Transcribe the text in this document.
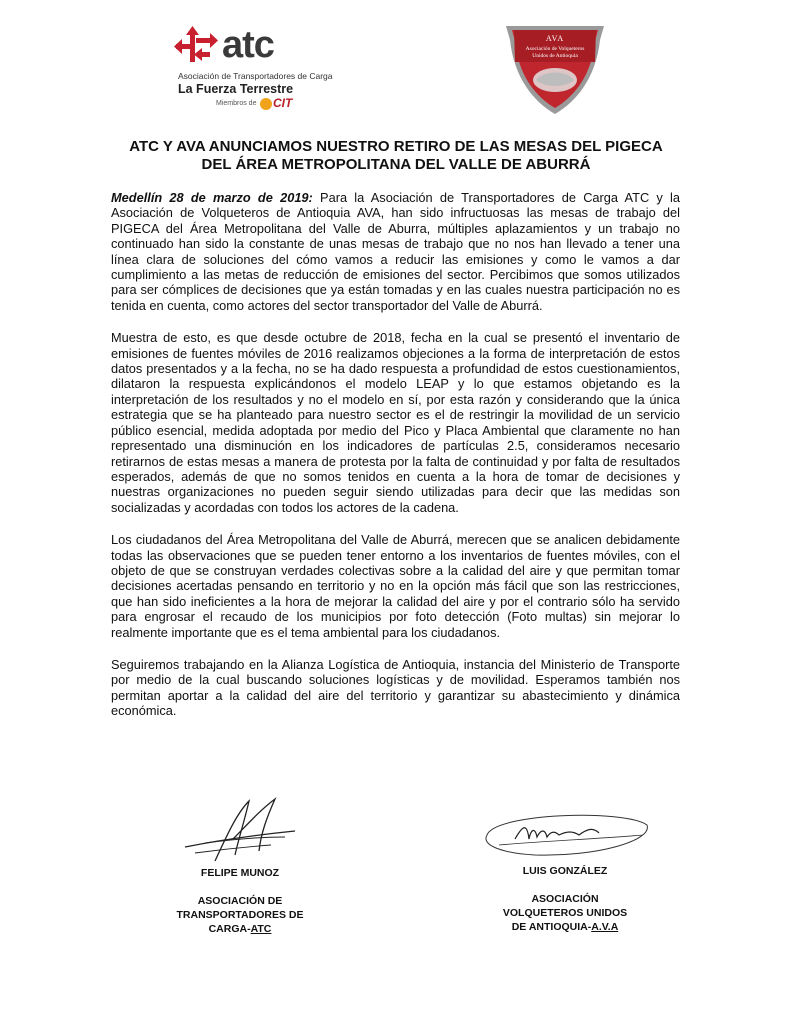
atc
Asociación de Transportadores de Carga
La Fuerza Terrestre
Miembros de	CIT
AVA
Asociación de Volqueteros
Unidos de Antioquia
ATC Y AVA ANUNCIAMOS NUESTRO RETIRO DE LAS MESAS DEL PIGECA
DEL ÁREA METROPOLITANA DEL VALLE DE ABURRÁ

Medellín 28 de marzo de 2019: Para la Asociación de Transportadores de Carga ATC y la Asociación de Volqueteros de Antioquia AVA, han sido infructuosas las mesas de trabajo del PIGECA del Área Metropolitana del Valle de Aburra, múltiples aplazamientos y un trabajo no continuado han sido la constante de unas mesas de trabajo que no nos han llevado a tener una línea clara de soluciones del cómo vamos a reducir las emisiones y como le vamos a dar cumplimiento a las metas de reducción de emisiones del sector. Percibimos que somos utilizados para ser cómplices de decisiones que ya están tomadas y en las cuales nuestra participación no es tenida en cuenta, como actores del sector transportador del Valle de Aburrá.

Muestra de esto, es que desde octubre de 2018, fecha en la cual se presentó el inventario de emisiones de fuentes móviles de 2016 realizamos objeciones a la forma de interpretación de estos datos presentados y a la fecha, no se ha dado respuesta a profundidad de estos cuestionamientos, dilataron la respuesta explicándonos el modelo LEAP y lo que estamos objetando es la interpretación de los resultados y no el modelo en sí, por esta razón y considerando que la única estrategia que se ha planteado para nuestro sector es el de restringir la movilidad de un servicio público esencial, medida adoptada por medio del Pico y Placa Ambiental que claramente no han representado una disminución en los indicadores de partículas 2.5, consideramos necesario retirarnos de estas mesas a manera de protesta por la falta de continuidad y por falta de resultados esperados, además de que no somos tenidos en cuenta a la hora de tomar de decisiones y nuestras organizaciones no pueden seguir siendo utilizadas para decir que las medidas son socializadas y acordadas con todos los actores de la cadena.

Los ciudadanos del Área Metropolitana del Valle de Aburrá, merecen que se analicen debidamente todas las observaciones que se pueden tener entorno a los inventarios de fuentes móviles, con el objeto de que se construyan verdades colectivas sobre a la calidad del aire y que permitan tomar decisiones acertadas pensando en territorio y no en la opción más fácil que son las restricciones, que han sido ineficientes a la hora de mejorar la calidad del aire y por el contrario sólo ha servido para engrosar el recaudo de los municipios por foto detección (Foto multas) sin mejorar lo realmente importante que es el tema ambiental para los ciudadanos.

Seguiremos trabajando en la Alianza Logística de Antioquia, instancia del Ministerio de Transporte por medio de la cual buscando soluciones logísticas y de movilidad. Esperamos también nos permitan aportar a la calidad del aire del territorio y garantizar su abastecimiento y dinámica económica.

FELIPE MUNOZ
ASOCIACIÓN DE
TRANSPORTADORES DE
CARGA-ATC
LUIS GONZÁLEZ
ASOCIACIÓN
VOLQUETEROS UNIDOS
DE ANTIOQUIA-A.V.A
